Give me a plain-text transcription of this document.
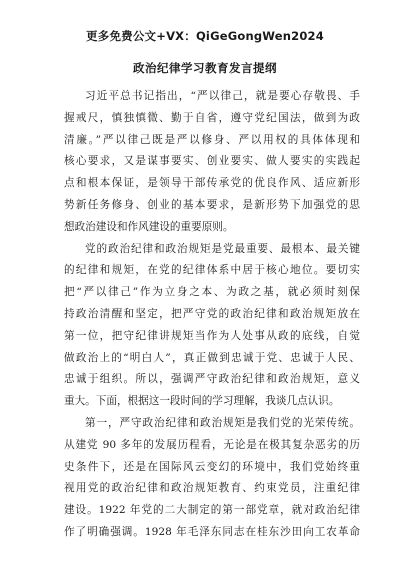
更多免费公文+VX：QiGeGongWen2024
政治纪律学习教育发言提纲
习近平总书记指出，“严以律己，就是要心存敬畏、手
握戒尺，慎独慎微、勤于自省，遵守党纪国法，做到为政
清廉。”严以律己既是严以修身、严以用权的具体体现和
核心要求，又是谋事要实、创业要实、做人要实的实践起
点和根本保证，是领导干部传承党的优良作风、适应新形
势新任务修身、创业的基本要求，是新形势下加强党的思
想政治建设和作风建设的重要原则。
党的政治纪律和政治规矩是党最重要、最根本、最关键
的纪律和规矩，在党的纪律体系中居于核心地位。要切实
把“严以律己”作为立身之本、为政之基，就必须时刻保
持政治清醒和坚定，把严守党的政治纪律和政治规矩放在
第一位，把守纪律讲规矩当作为人处事从政的底线，自觉
做政治上的“明白人”，真正做到忠诚于党、忠诚于人民、
忠诚于组织。所以，强调严守政治纪律和政治规矩，意义
重大。下面，根据这一段时间的学习理解，我谈几点认识。
第一，严守政治纪律和政治规矩是我们党的光荣传统。
从建党 90 多年的发展历程看，无论是在极其复杂恶劣的历
史条件下，还是在国际风云变幻的环境中，我们党始终重
视用党的政治纪律和政治规矩教育、约束党员，注重纪律
建设。1922 年党的二大制定的第一部党章，就对政治纪律
作了明确强调。1928 年毛泽东同志在桂东沙田向工农革命
